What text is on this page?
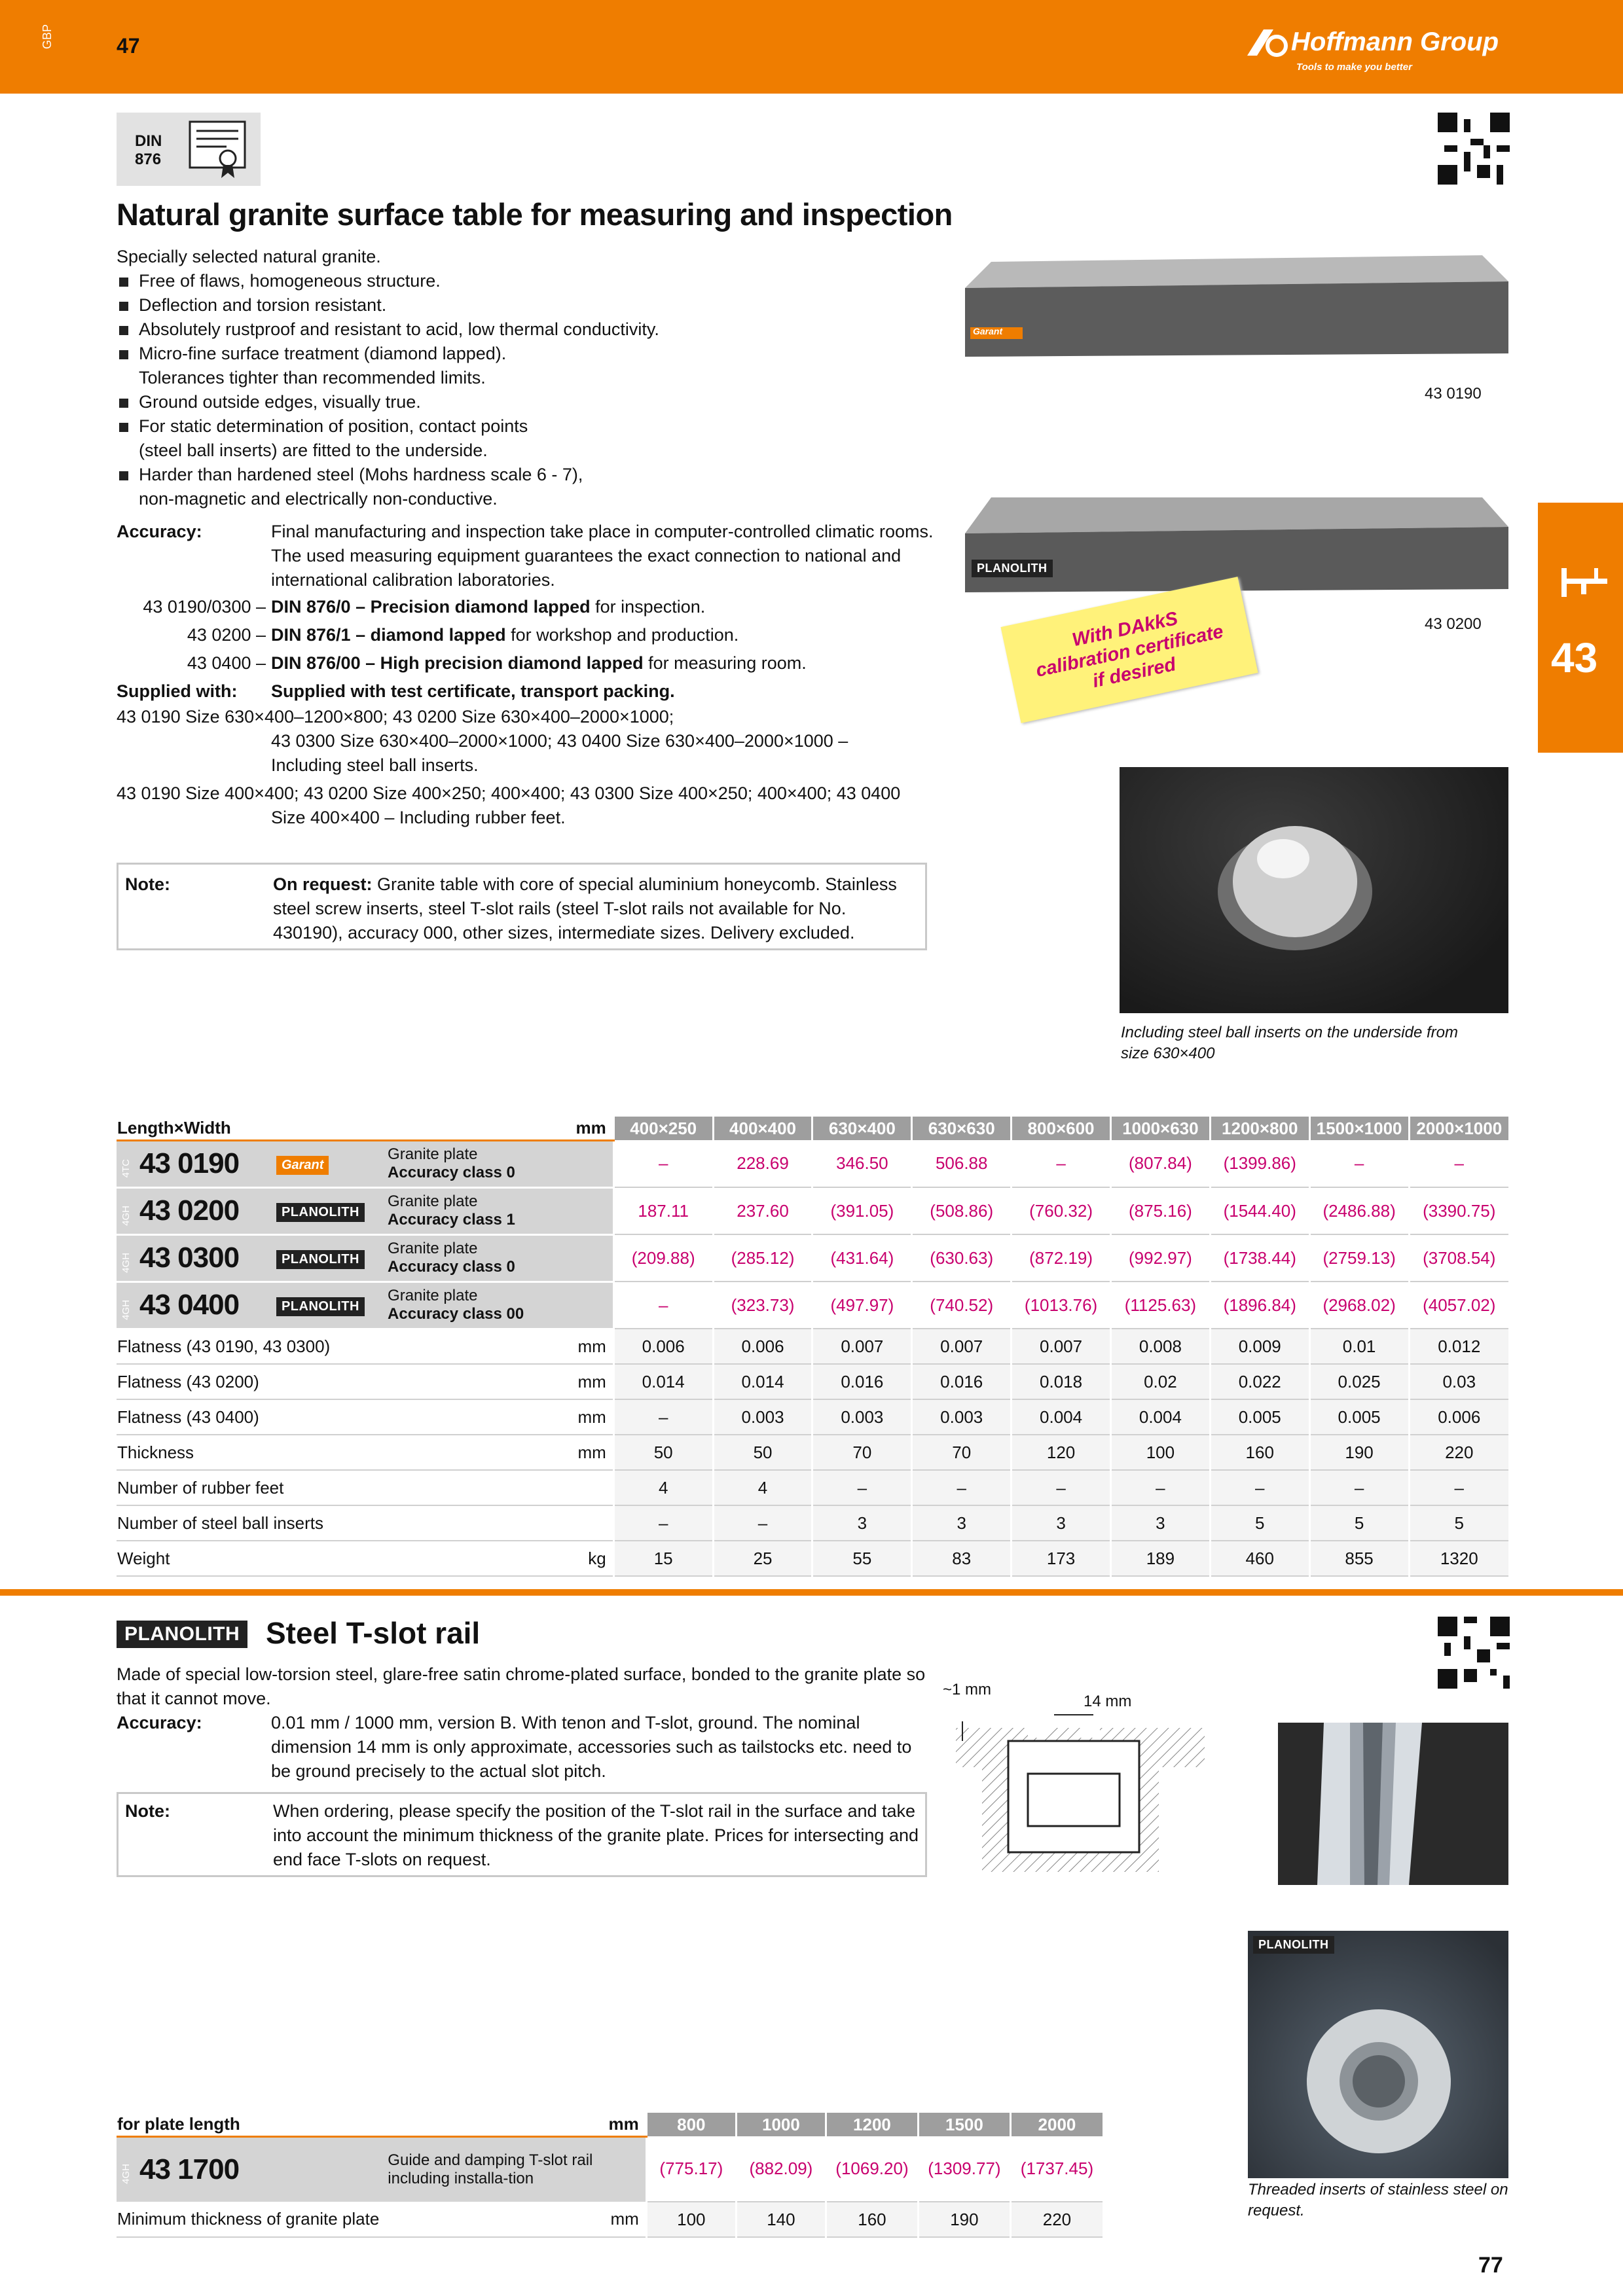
GBP	47	Hoffmann Group
Tools to make you better
DIN
876
Natural granite surface table for measuring and inspection
Specially selected natural granite.
Free of flaws, homogeneous structure.
Deflection and torsion resistant.
Absolutely rustproof and resistant to acid, low thermal conductivity.
Micro-fine surface treatment (diamond lapped).
Tolerances tighter than recommended limits.
Ground outside edges, visually true.
For static determination of position, contact points
(steel ball inserts) are fitted to the underside.
Harder than hardened steel (Mohs hardness scale 6 - 7),
non-magnetic and electrically non-conductive.
Accuracy:	Final manufacturing and inspection take place in computer-controlled climatic rooms. The used measuring equipment guarantees the exact connection to national and international calibration laboratories.
43 0190/0300 – DIN 876/0 – Precision diamond lapped for inspection.
43 0200 – DIN 876/1 – diamond lapped for workshop and production.
43 0400 – DIN 876/00 – High precision diamond lapped for measuring room.
Supplied with:	Supplied with test certificate, transport packing.
43 0190 Size 630×400–1200×800; 43 0200 Size 630×400–2000×1000;
43 0300 Size 630×400–2000×1000; 43 0400 Size 630×400–2000×1000 –
Including steel ball inserts.
43 0190 Size 400×400; 43 0200 Size 400×250; 400×400; 43 0300 Size 400×250; 400×400; 43 0400
Size 400×400 – Including rubber feet.
Note:	On request: Granite table with core of special aluminium honeycomb. Stainless steel screw inserts, steel T-slot rails (steel T-slot rails not available for No. 430190), accuracy 000, other sizes, intermediate sizes. Delivery excluded.
Garant
43 0190
PLANOLITH
43 0200
With DAkkS calibration certificate if desired	43
Including steel ball inserts on the underside from size 630×400
Length×Width		mm	400×250	400×400	630×400	630×630	800×600	1000×630	1200×800	1500×1000	2000×1000
4TC 43 0190	Garant	Granite plate
Accuracy class 0	–	228.69	346.50	506.88	–	(807.84)	(1399.86)	–	–
4GH 43 0200	PLANOLITH	Granite plate
Accuracy class 1	187.11	237.60	(391.05)	(508.86)	(760.32)	(875.16)	(1544.40)	(2486.88)	(3390.75)
4GH 43 0300	PLANOLITH	Granite plate
Accuracy class 0	(209.88)	(285.12)	(431.64)	(630.63)	(872.19)	(992.97)	(1738.44)	(2759.13)	(3708.54)
4GH 43 0400	PLANOLITH	Granite plate
Accuracy class 00	–	(323.73)	(497.97)	(740.52)	(1013.76)	(1125.63)	(1896.84)	(2968.02)	(4057.02)
Flatness (43 0190, 43 0300)		mm	0.006	0.006	0.007	0.007	0.007	0.008	0.009	0.01	0.012
Flatness (43 0200)		mm	0.014	0.014	0.016	0.016	0.018	0.02	0.022	0.025	0.03
Flatness (43 0400)		mm	–	0.003	0.003	0.003	0.004	0.004	0.005	0.005	0.006
Thickness		mm	50	50	70	70	120	100	160	190	220
Number of rubber feet			4	4	–	–	–	–	–	–	–
Number of steel ball inserts			–	–	3	3	3	3	5	5	5
Weight		kg	15	25	55	83	173	189	460	855	1320
PLANOLITH Steel T-slot rail
Made of special low-torsion steel, glare-free satin chrome-plated surface, bonded to the granite plate so that it cannot move.
Accuracy:	0.01 mm / 1000 mm, version B. With tenon and T-slot, ground. The nominal dimension 14 mm is only approximate, accessories such as tailstocks etc. need to be ground precisely to the actual slot pitch.
Note:	When ordering, please specify the position of the T-slot rail in the surface and take into account the minimum thickness of the granite plate. Prices for intersecting and end face T-slots on request.
~1 mm
14 mm
PLANOLITH
Threaded inserts of stainless steel on request.
for plate length	mm	800	1000	1200	1500	2000
4GH 43 1700	Guide and damping T-slot rail including installa-tion	(775.17)	(882.09)	(1069.20)	(1309.77)	(1737.45)
Minimum thickness of granite plate	mm	100	140	160	190	220
77
